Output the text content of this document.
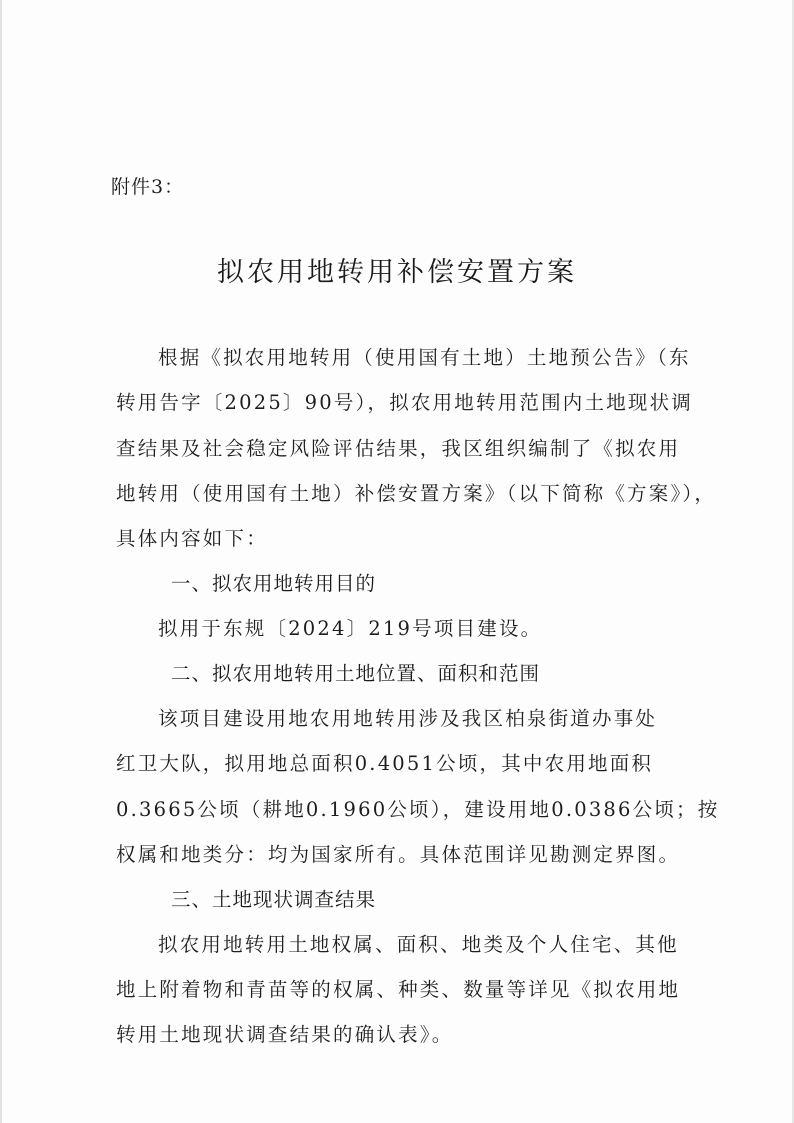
附件3：
拟农用地转用补偿安置方案
根据《拟农用地转用（使用国有土地）土地预公告》（东
转用告字〔2025〕90号），拟农用地转用范围内土地现状调
查结果及社会稳定风险评估结果，我区组织编制了《拟农用
地转用（使用国有土地）补偿安置方案》（以下简称《方案》），
具体内容如下：
一、拟农用地转用目的
拟用于东规〔2024〕219号项目建设。
二、拟农用地转用土地位置、面积和范围
该项目建设用地农用地转用涉及我区柏泉街道办事处
红卫大队，拟用地总面积0.4051公顷，其中农用地面积
0.3665公顷（耕地0.1960公顷），建设用地0.0386公顷；按
权属和地类分：均为国家所有。具体范围详见勘测定界图。
三、土地现状调查结果
拟农用地转用土地权属、面积、地类及个人住宅、其他
地上附着物和青苗等的权属、种类、数量等详见《拟农用地
转用土地现状调查结果的确认表》。
